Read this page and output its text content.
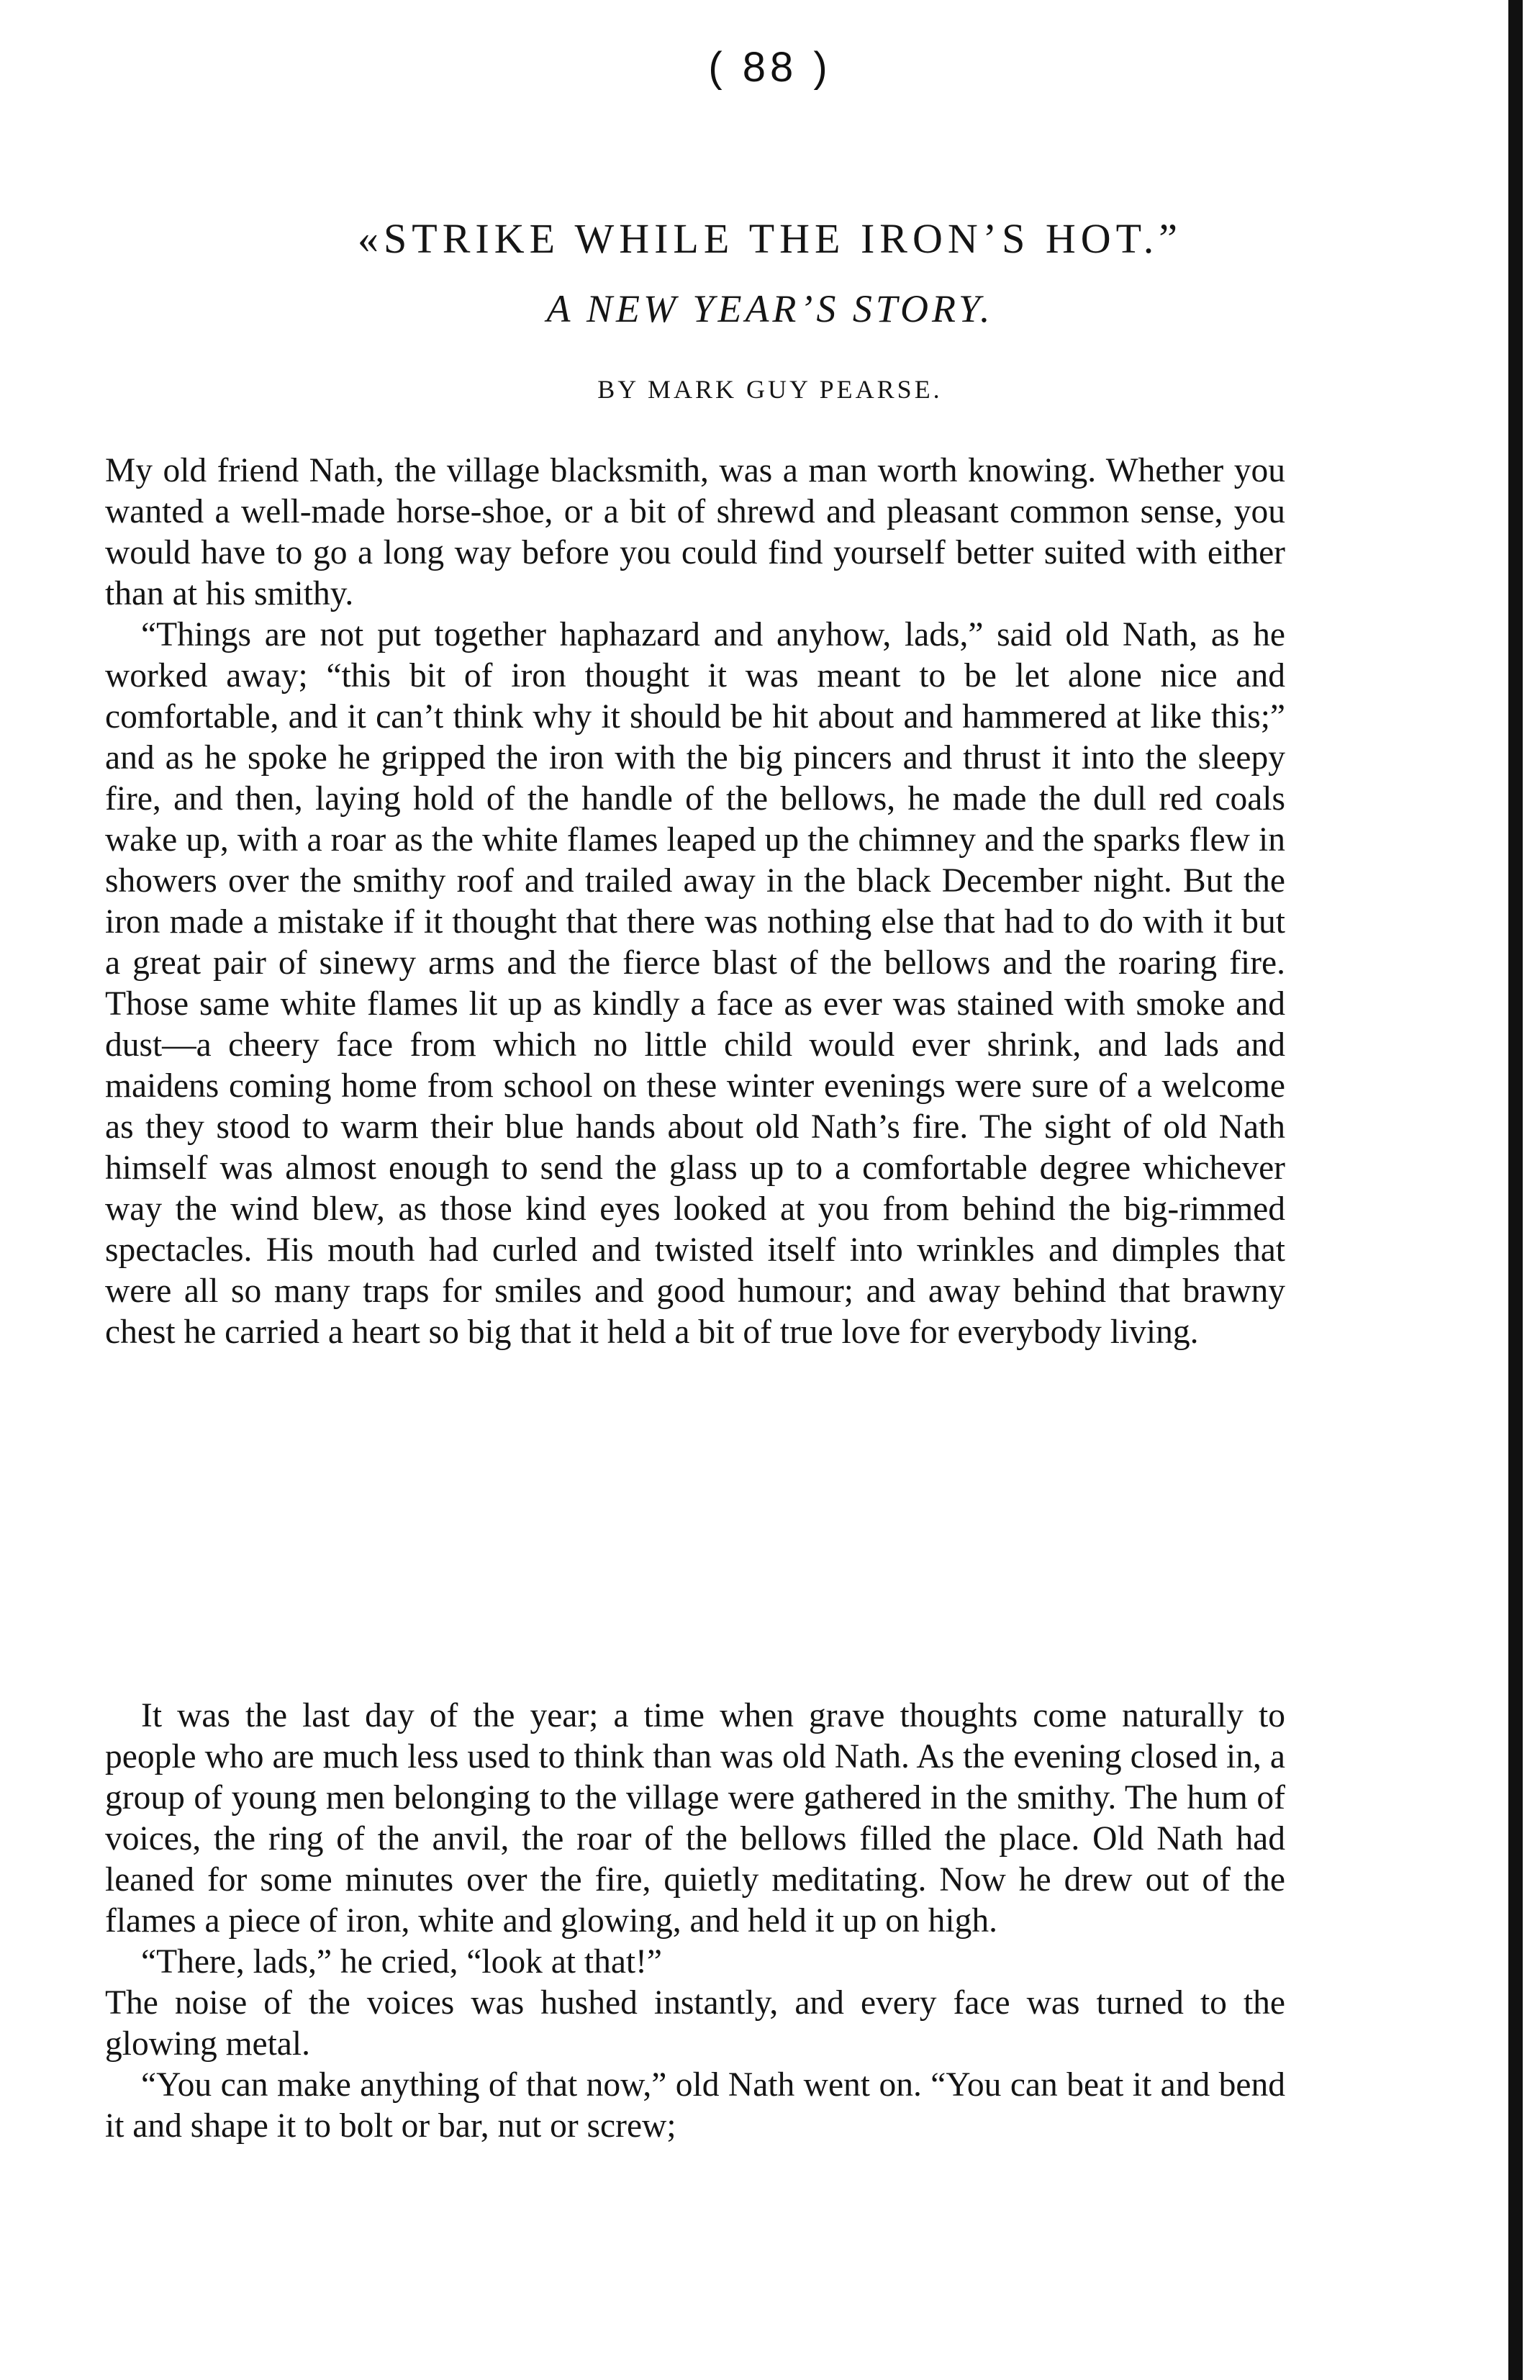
( 88 )
«STRIKE WHILE THE IRON’S HOT.”
A NEW YEAR’S STORY.
BY MARK GUY PEARSE.

My old friend Nath, the village blacksmith, was a man worth knowing. Whether you wanted a well-made horse-shoe, or a bit of shrewd and pleasant common sense, you would have to go a long way before you could find yourself better suited with either than at his smithy.

“Things are not put together haphazard and anyhow, lads,” said old Nath, as he worked away; “this bit of iron thought it was meant to be let alone nice and comfortable, and it can’t think why it should be hit about and hammered at like this;” and as he spoke he gripped the iron with the big pincers and thrust it into the sleepy fire, and then, laying hold of the handle of the bellows, he made the dull red coals wake up, with a roar as the white flames leaped up the chimney and the sparks flew in showers over the smithy roof and trailed away in the black December night. But the iron made a mistake if it thought that there was nothing else that had to do with it but a great pair of sinewy arms and the fierce blast of the bellows and the roaring fire. Those same white flames lit up as kindly a face as ever was stained with smoke and dust—a cheery face from which no little child would ever shrink, and lads and maidens coming home from school on these winter evenings were sure of a welcome as they stood to warm their blue hands about old Nath’s fire. The sight of old Nath himself was almost enough to send the glass up to a comfortable degree whichever way the wind blew, as those kind eyes looked at you from behind the big-rimmed spectacles. His mouth had curled and twisted itself into wrinkles and dimples that were all so many traps for smiles and good humour; and away behind that brawny chest he carried a heart so big that it held a bit of true love for everybody living.

It was the last day of the year; a time when grave thoughts come naturally to people who are much less used to think than was old Nath. As the evening closed in, a group of young men belonging to the village were gathered in the smithy. The hum of voices, the ring of the anvil, the roar of the bellows filled the place. Old Nath had leaned for some minutes over the fire, quietly meditating. Now he drew out of the flames a piece of iron, white and glowing, and held it up on high.

“There, lads,” he cried, “look at that!”

The noise of the voices was hushed instantly, and every face was turned to the glowing metal.

“You can make anything of that now,” old Nath went on. “You can beat it and bend it and shape it to bolt or bar, nut or screw;
